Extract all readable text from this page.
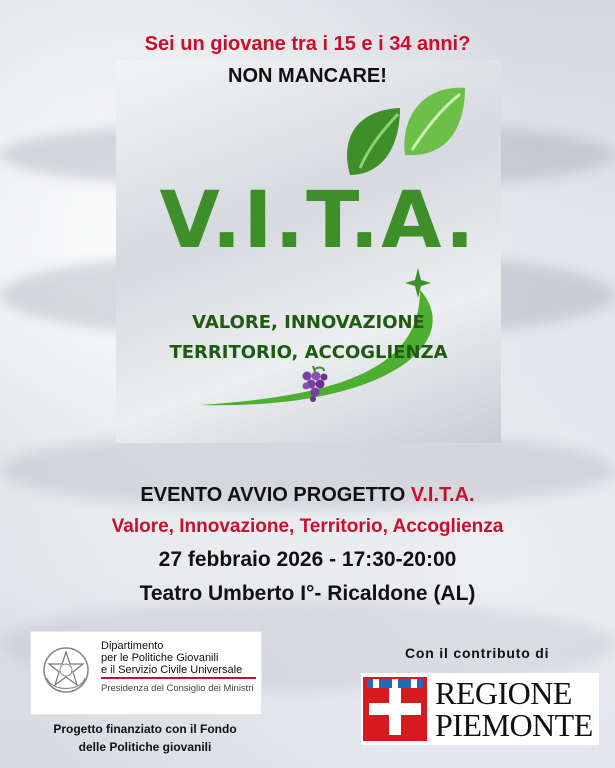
Sei un giovane tra i 15 e i 34 anni?
NON MANCARE!
V.I.T.A.
VALORE, INNOVAZIONE
TERRITORIO, ACCOGLIENZA
EVENTO AVVIO PROGETTO V.I.T.A.
Valore, Innovazione, Territorio, Accoglienza
27 febbraio 2026 - 17:30-20:00
Teatro Umberto I°- Ricaldone (AL)
Dipartimento
per le Politiche Giovanili
e il Servizio Civile Universale
Presidenza del Consiglio dei Ministri
Progetto finanziato con il Fondo
delle Politiche giovanili
Con il contributo di
REGIONE
PIEMONTE
